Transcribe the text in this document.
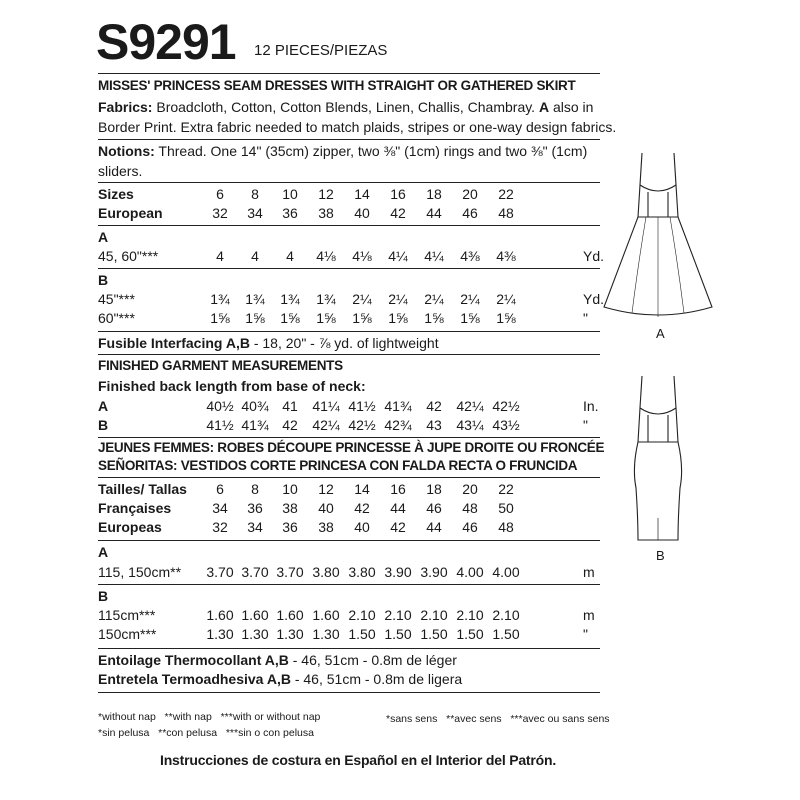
S9291 12 PIECES/PIEZAS
MISSES' PRINCESS SEAM DRESSES WITH STRAIGHT OR GATHERED SKIRT
Fabrics: Broadcloth, Cotton, Cotton Blends, Linen, Challis, Chambray. A also in
Border Print. Extra fabric needed to match plaids, stripes or one-way design fabrics.
Notions: Thread. One 14" (35cm) zipper, two ⅜" (1cm) rings and two ⅜" (1cm)
sliders.
Sizes	6	8	10	12	14	16	18	20	22
European	32	34	36	38	40	42	44	46	48
A
45, 60"***	4	4	4	4⅛	4⅛	4¼	4¼	4⅜	4⅜	Yd.
B
45"***	1¾	1¾	1¾	1¾	2¼	2¼	2¼	2¼	2¼	Yd.
60"***	1⅝	1⅝	1⅝	1⅝	1⅝	1⅝	1⅝	1⅝	1⅝	"
Fusible Interfacing A,B - 18, 20" - ⅞ yd. of lightweight
FINISHED GARMENT MEASUREMENTS
Finished back length from base of neck:
A	40½ 40¾ 41	41¼ 41½ 41¾	42	42¼ 42½	In.
B	41½ 41¾ 42	42¼ 42½ 42¾	43	43¼ 43½	"
JEUNES FEMMES: ROBES DÉCOUPE PRINCESSE À JUPE DROITE OU FRONCÉE
SEÑORITAS: VESTIDOS CORTE PRINCESA CON FALDA RECTA O FRUNCIDA
Tailles/ Tallas	6	8	10	12	14	16	18	20	22
Françaises	34	36	38	40	42	44	46	48	50
Europeas	32	34	36	38	40	42	44	46	48
A
115, 150cm**	3.70 3.70 3.70 3.80 3.80 3.90 3.90 4.00 4.00	m
B
115cm***	1.60 1.60 1.60 1.60 2.10 2.10 2.10 2.10 2.10	m
150cm***	1.30 1.30 1.30 1.30 1.50 1.50 1.50 1.50 1.50	"
Entoilage Thermocollant A,B - 46, 51cm - 0.8m de léger
Entretela Termoadhesiva A,B - 46, 51cm - 0.8m de ligera
*without nap   **with nap   ***with or without nap
*sin pelusa   **con pelusa   ***sin o con pelusa
*sans sens   **avec sens   ***avec ou sans sens
Instrucciones de costura en Español en el Interior del Patrón.
A
B
